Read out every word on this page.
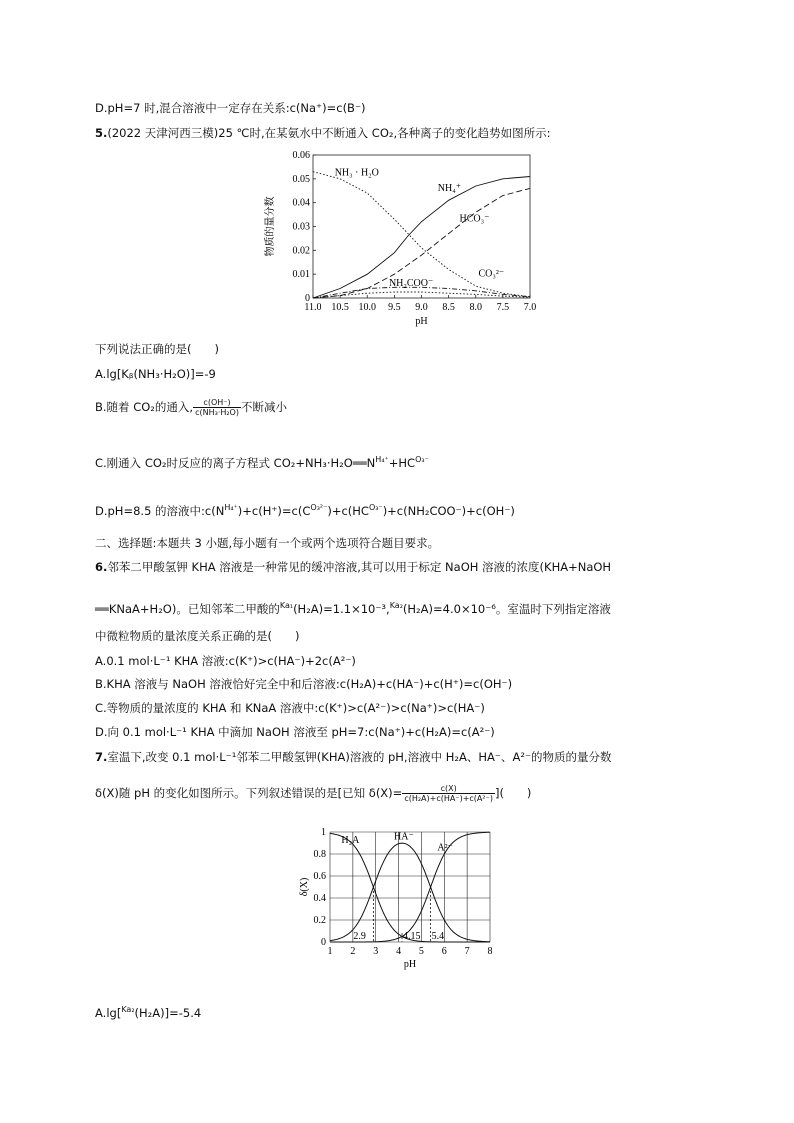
D.pH=7 时,混合溶液中一定存在关系:c(Na⁺)=c(B⁻)
5.(2022 天津河西三模)25 ℃时,在某氨水中不断通入 CO₂,各种离子的变化趋势如图所示:
0
0.01
0.02
0.03
0.04
0.05
0.06
11.0 10.5 10.0 9.5 9.0 8.5 8.0 7.5 7.0
pH
物质的量分数
NH₃ · H₂O
NH₄⁺
HCO₃⁻
CO₃²⁻
NH₂COO⁻
下列说法正确的是(　　)
A.lg[Kᵦ(NH₃·H₂O)]=-9
B.随着 CO₂的通入, $\frac{c(OH^-)}{\text{c(NH₃·H₂O)}}$ 不断减小
C.刚通入 CO₂时反应的离子方程式 $CO_2+NH_3\cdot H_2O══N^{H_4^+}+HC^{O_3^-}$
D.pH=8.5 的溶液中$:c(N^{H_4^+})+c(H^+)=c(C^{O_3^{2-}})+c(HC^{O_3^-})+c(NH_2COO^-)+c(OH^-)$
二、选择题:本题共 3 小题,每小题有一个或两个选项符合题目要求。
6.邻苯二甲酸氢钾 KHA 溶液是一种常见的缓冲溶液,其可以用于标定 NaOH 溶液的浓度(KHA+NaOH
══KNaA+H₂O)。已知邻苯二甲酸的$^{Ka_1}$(H₂A)=1.1×10⁻³,$^{Ka_2}$(H₂A)=4.0×10⁻⁶。室温时下列指定溶液
中微粒物质的量浓度关系正确的是(　　)
A.0.1 mol·L⁻¹ KHA 溶液:c(K⁺)>c(HA⁻)+2c(A²⁻)
B.KHA 溶液与 NaOH 溶液恰好完全中和后溶液:c(H₂A)+c(HA⁻)+c(H⁺)=c(OH⁻)
C.等物质的量浓度的 KHA 和 KNaA 溶液中:c(K⁺)>c(A²⁻)>c(Na⁺)>c(HA⁻)
D.向 0.1 mol·L⁻¹ KHA 中滴加 NaOH 溶液至 pH=7:c(Na⁺)+c(H₂A)=c(A²⁻)
7.室温下,改变 0.1 mol·L⁻¹邻苯二甲酸氢钾(KHA)溶液的 pH,溶液中 H₂A、HA⁻、A²⁻的物质的量分数
δ(X)随 pH 的变化如图所示。下列叙述错误的是[已知 $\delta(X)= \frac{c(X)}{\text{c(H₂A)+c(HA⁻)+c(A²⁻)}}$ ](　　)
1 2 3 4 5 6 7 8
0
0.2
0.4
0.6
0.8
1
pH
δ(X)
H₂A	HA⁻
A²⁻
2.9	4.15 5.4
A.lg[$^{Ka_2}$(H₂A)]=-5.4
